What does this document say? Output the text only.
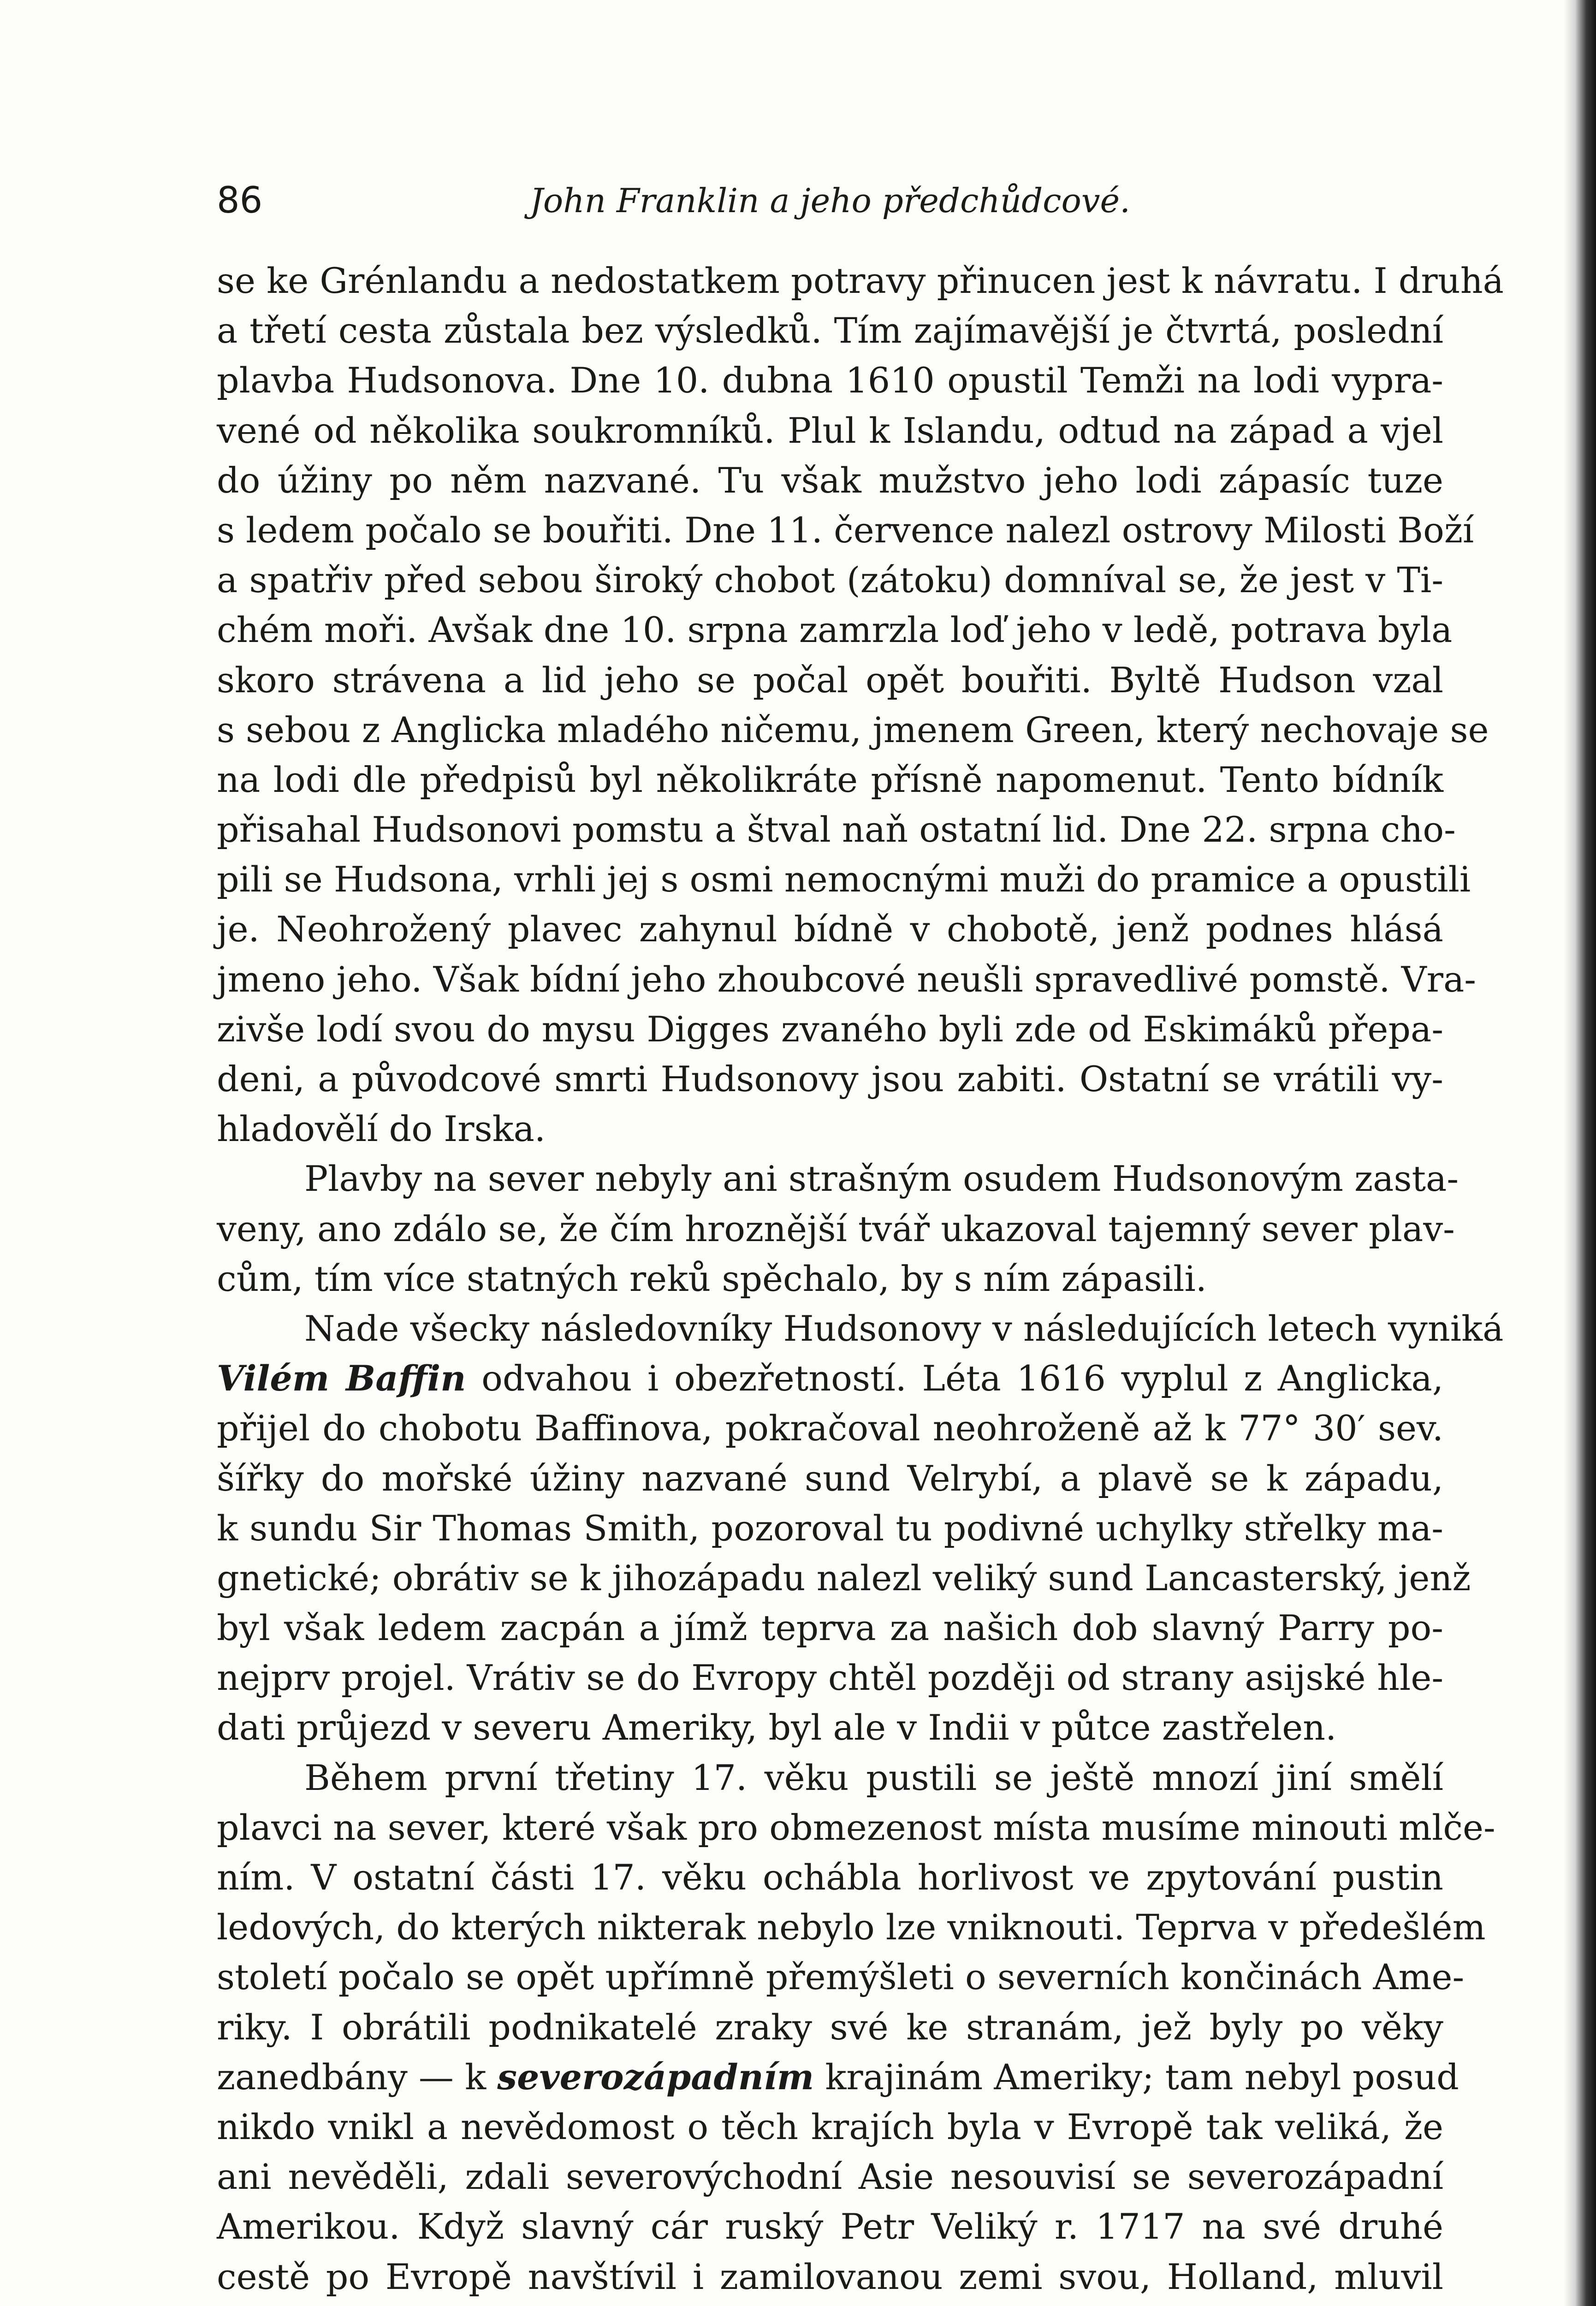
86	John Franklin a jeho předchůdcové.
se ke Grénlandu a nedostatkem potravy přinucen jest k návratu. I druhá
a třetí cesta zůstala bez výsledků. Tím zajímavější je čtvrtá, poslední
plavba Hudsonova. Dne 10. dubna 1610 opustil Temži na lodi vypra-
vené od několika soukromníků. Plul k Islandu, odtud na západ a vjel
do úžiny po něm nazvané. Tu však mužstvo jeho lodi zápasíc tuze
s ledem počalo se bouřiti. Dne 11. července nalezl ostrovy Milosti Boží
a spatřiv před sebou široký chobot (zátoku) domníval se, že jest v Ti-
chém moři. Avšak dne 10. srpna zamrzla loď jeho v ledě, potrava byla
skoro strávena a lid jeho se počal opět bouřiti. Byltě Hudson vzal
s sebou z Anglicka mladého ničemu, jmenem Green, který nechovaje se
na lodi dle předpisů byl několikráte přísně napomenut. Tento bídník
přisahal Hudsonovi pomstu a štval naň ostatní lid. Dne 22. srpna cho-
pili se Hudsona, vrhli jej s osmi nemocnými muži do pramice a opustili
je. Neohrožený plavec zahynul bídně v chobotě, jenž podnes hlásá
jmeno jeho. Však bídní jeho zhoubcové neušli spravedlivé pomstě. Vra-
zivše lodí svou do mysu Digges zvaného byli zde od Eskimáků přepa-
deni, a původcové smrti Hudsonovy jsou zabiti. Ostatní se vrátili vy-
hladovělí do Irska.
Plavby na sever nebyly ani strašným osudem Hudsonovým zasta-
veny, ano zdálo se, že čím hroznější tvář ukazoval tajemný sever plav-
cům, tím více statných reků spěchalo, by s ním zápasili.
Nade všecky následovníky Hudsonovy v následujících letech vyniká
Vilém Baffin odvahou i obezřetností. Léta 1616 vyplul z Anglicka,
přijel do chobotu Baffinova, pokračoval neohroženě až k 77° 30′ sev.
šířky do mořské úžiny nazvané sund Velrybí, a plavě se k západu,
k sundu Sir Thomas Smith, pozoroval tu podivné uchylky střelky ma-
gnetické; obrátiv se k jihozápadu nalezl veliký sund Lancasterský, jenž
byl však ledem zacpán a jímž teprva za našich dob slavný Parry po-
nejprv projel. Vrátiv se do Evropy chtěl později od strany asijské hle-
dati průjezd v severu Ameriky, byl ale v Indii v půtce zastřelen.
Během první třetiny 17. věku pustili se ještě mnozí jiní smělí
plavci na sever, které však pro obmezenost místa musíme minouti mlče-
ním. V ostatní části 17. věku ochábla horlivost ve zpytování pustin
ledových, do kterých nikterak nebylo lze vniknouti. Teprva v předešlém
století počalo se opět upřímně přemýšleti o severních končinách Ame-
riky. I obrátili podnikatelé zraky své ke stranám, jež byly po věky
zanedbány — k severozápadním krajinám Ameriky; tam nebyl posud
nikdo vnikl a nevědomost o těch krajích byla v Evropě tak veliká, že
ani nevěděli, zdali severovýchodní Asie nesouvisí se severozápadní
Amerikou. Když slavný cár ruský Petr Veliký r. 1717 na své druhé
cestě po Evropě navštívil i zamilovanou zemi svou, Holland, mluvil
